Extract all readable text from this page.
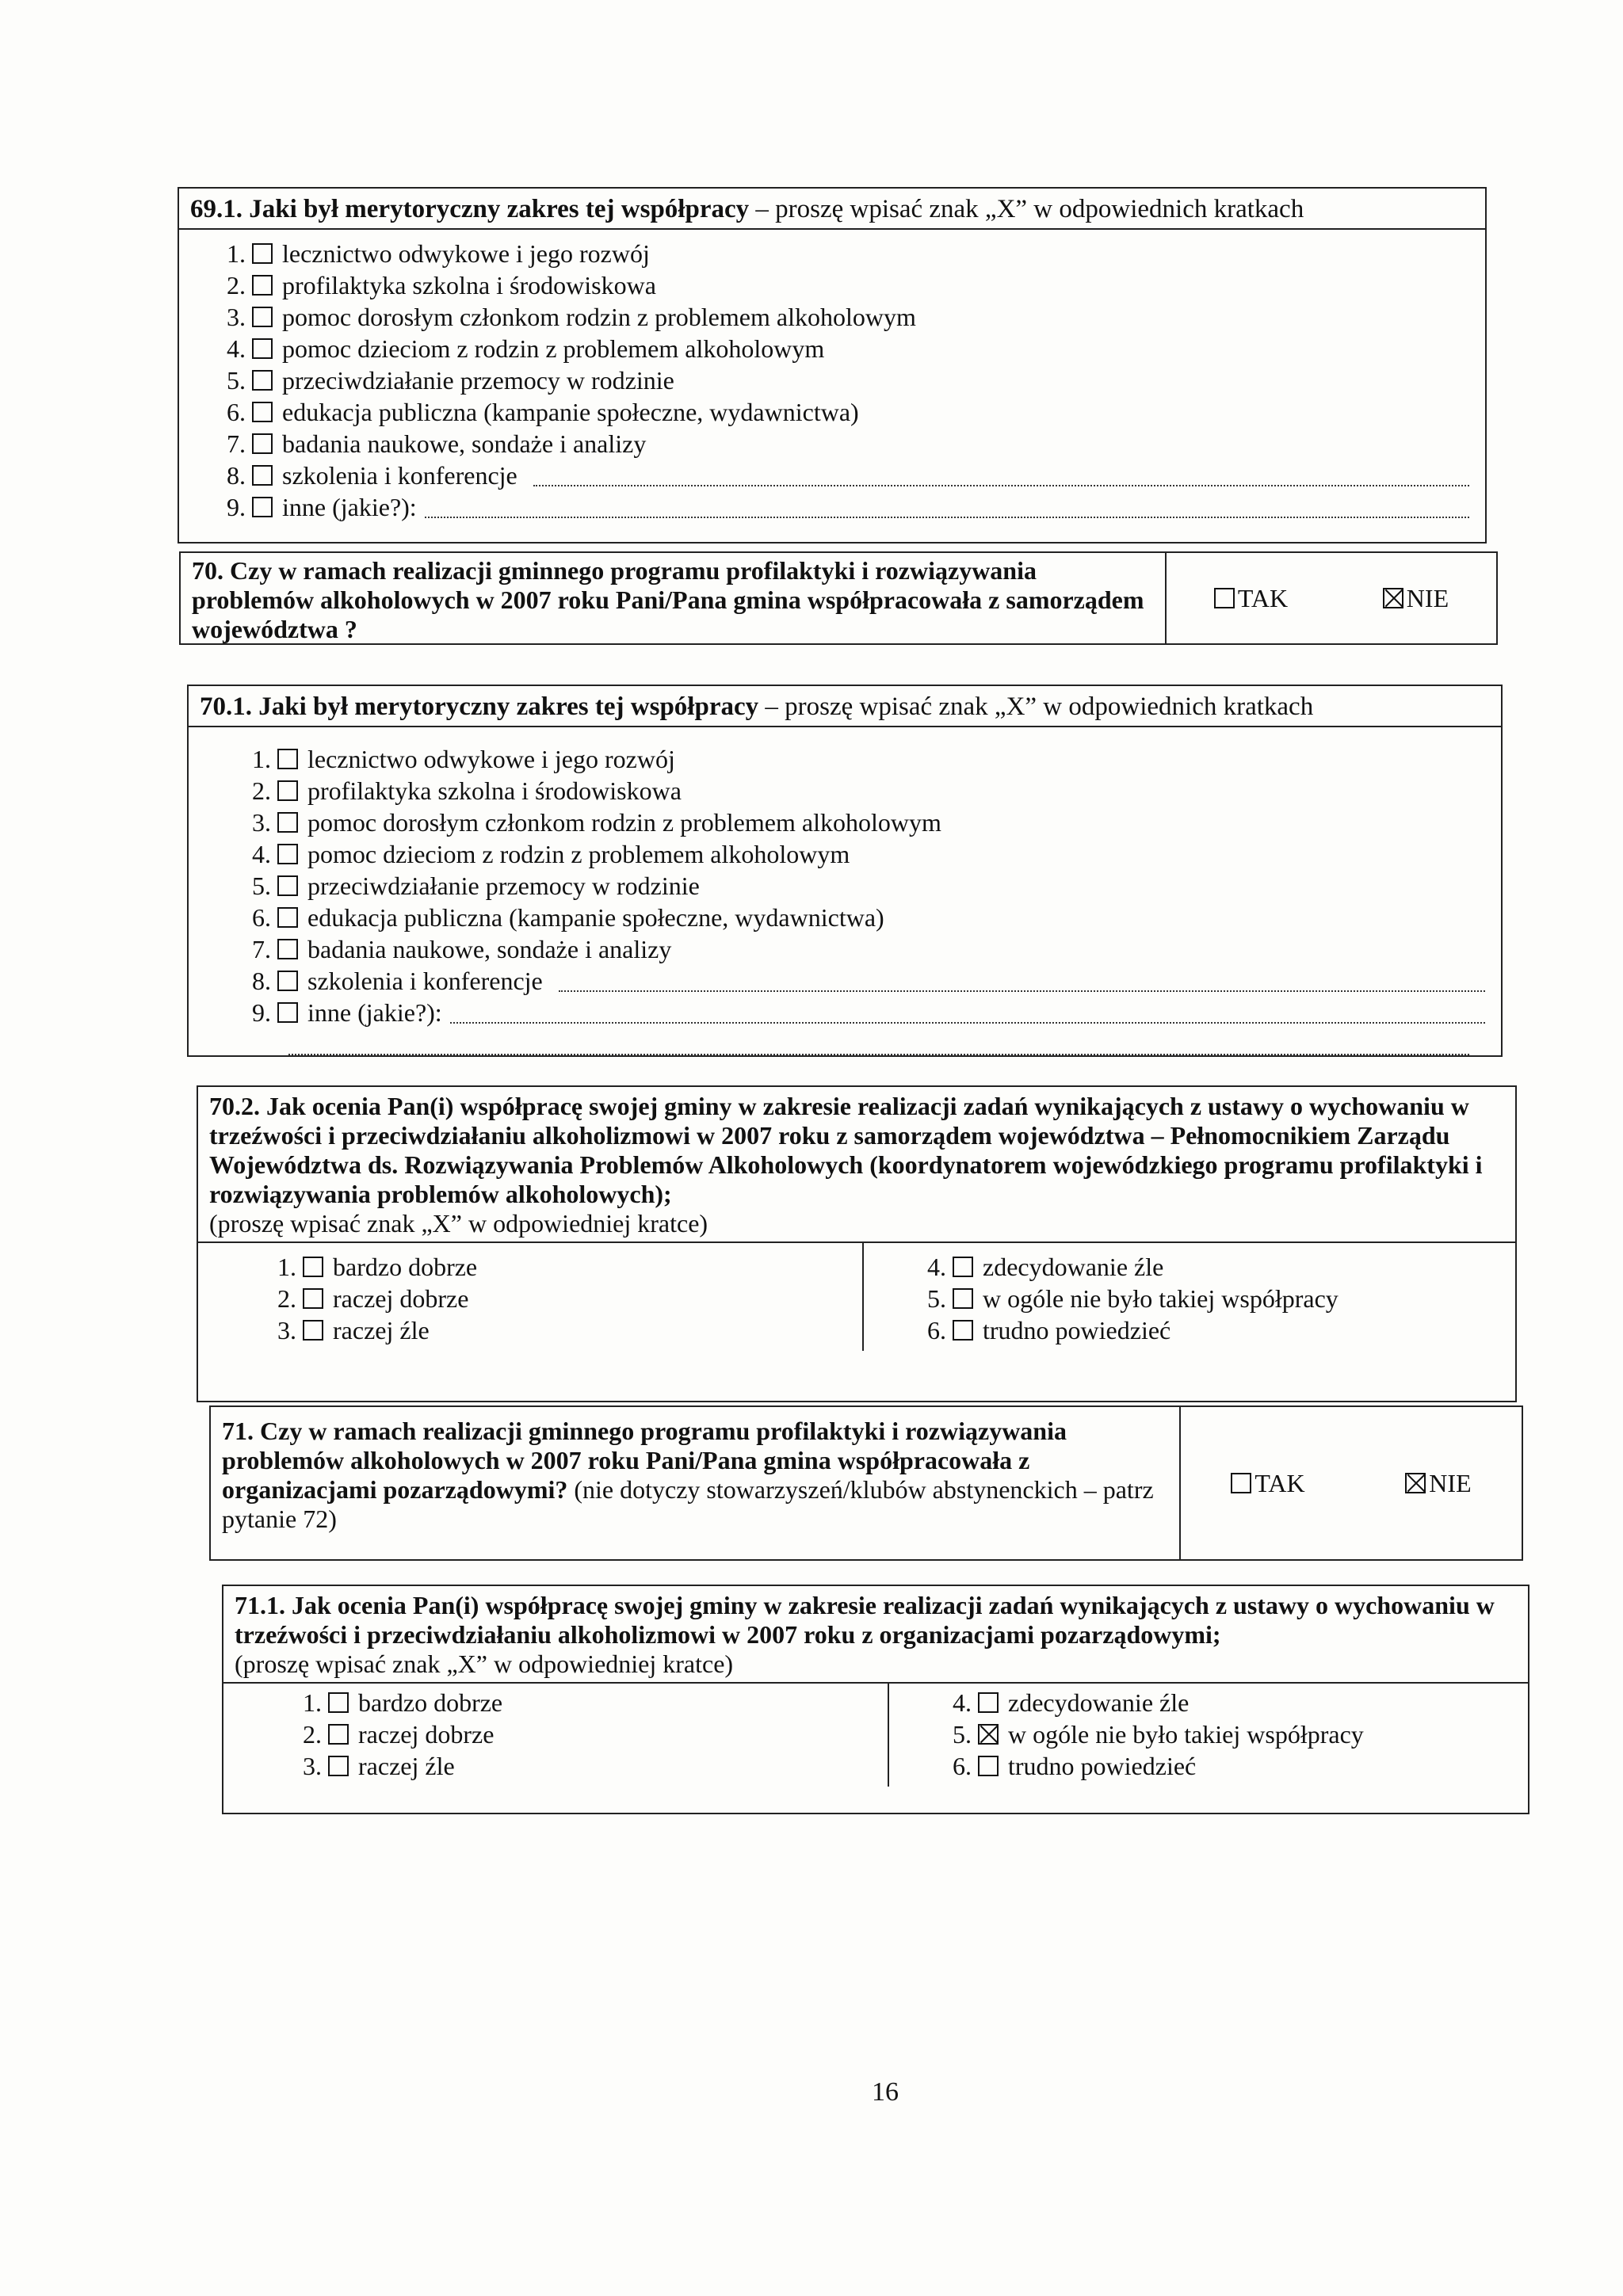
69.1. Jaki był merytoryczny zakres tej współpracy – proszę wpisać znak „X” w odpowiednich kratkach
1. lecznictwo odwykowe i jego rozwój
2. profilaktyka szkolna i środowiskowa
3. pomoc dorosłym członkom rodzin z problemem alkoholowym
4. pomoc dzieciom z rodzin z problemem alkoholowym
5. przeciwdziałanie przemocy w rodzinie
6. edukacja publiczna (kampanie społeczne, wydawnictwa)
7. badania naukowe, sondaże i analizy
8. szkolenia i konferencje
9. inne (jakie?):
70. Czy w ramach realizacji gminnego programu profilaktyki i rozwiązywania problemów alkoholowych w 2007 roku Pani/Pana gmina współpracowała z samorządem województwa ?
TAK	NIE
70.1. Jaki był merytoryczny zakres tej współpracy – proszę wpisać znak „X” w odpowiednich kratkach
1. lecznictwo odwykowe i jego rozwój
2. profilaktyka szkolna i środowiskowa
3. pomoc dorosłym członkom rodzin z problemem alkoholowym
4. pomoc dzieciom z rodzin z problemem alkoholowym
5. przeciwdziałanie przemocy w rodzinie
6. edukacja publiczna (kampanie społeczne, wydawnictwa)
7. badania naukowe, sondaże i analizy
8. szkolenia i konferencje
9. inne (jakie?):
70.2. Jak ocenia Pan(i) współpracę swojej gminy w zakresie realizacji zadań wynikających z ustawy o wychowaniu w trzeźwości i przeciwdziałaniu alkoholizmowi w 2007 roku z samorządem województwa – Pełnomocnikiem Zarządu Województwa ds. Rozwiązywania Problemów Alkoholowych (koordynatorem wojewódzkiego programu profilaktyki i rozwiązywania problemów alkoholowych);
(proszę wpisać znak „X” w odpowiedniej kratce)
1. bardzo dobrze
2. raczej dobrze
3. raczej źle
4. zdecydowanie źle
5. w ogóle nie było takiej współpracy
6. trudno powiedzieć
71. Czy w ramach realizacji gminnego programu profilaktyki i rozwiązywania problemów alkoholowych w 2007 roku Pani/Pana gmina współpracowała z organizacjami pozarządowymi? (nie dotyczy stowarzyszeń/klubów abstynenckich – patrz pytanie 72)
TAK	NIE
71.1. Jak ocenia Pan(i) współpracę swojej gminy w zakresie realizacji zadań wynikających z ustawy o wychowaniu w trzeźwości i przeciwdziałaniu alkoholizmowi w 2007 roku z organizacjami pozarządowymi;
(proszę wpisać znak „X” w odpowiedniej kratce)
1. bardzo dobrze
2. raczej dobrze
3. raczej źle
4. zdecydowanie źle
5. w ogóle nie było takiej współpracy
6. trudno powiedzieć
16
